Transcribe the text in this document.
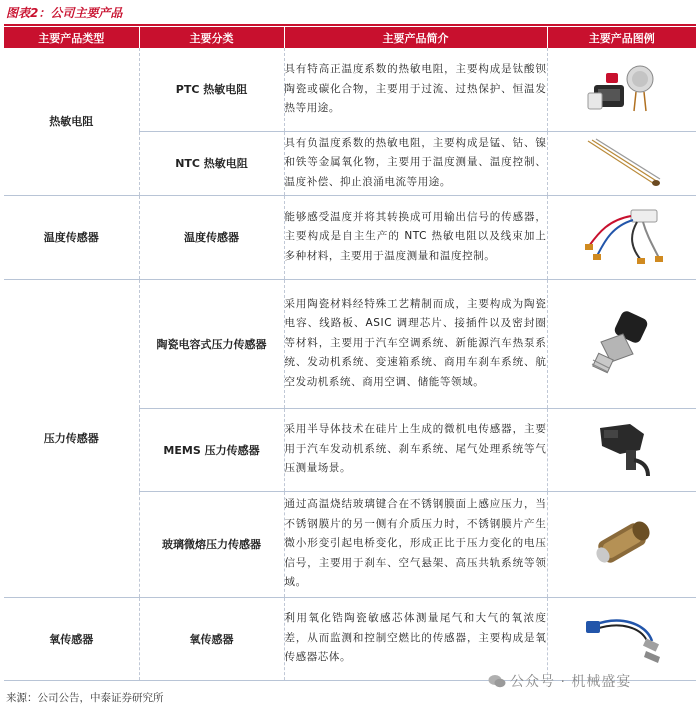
图表2：公司主要产品
主要产品类型	主要分类	主要产品简介	主要产品图例
热敏电阻	PTC 热敏电阻	具有特高正温度系数的热敏电阻，主要构成是钛酸钡陶瓷或碳化合物，主要用于过流、过热保护、恒温发热等用途。	
	NTC 热敏电阻	具有负温度系数的热敏电阻，主要构成是锰、钴、镍和铁等金属氧化物，主要用于温度测量、温度控制、温度补偿、抑止浪涌电流等用途。	
温度传感器	温度传感器	能够感受温度并将其转换成可用输出信号的传感器，主要构成是自主生产的 NTC 热敏电阻以及线束加上多种材料，主要用于温度测量和温度控制。	
压力传感器	陶瓷电容式压力传感器	采用陶瓷材料经特殊工艺精制而成，主要构成为陶瓷电容、线路板、ASIC 调理芯片、接插件以及密封圈等材料，主要用于汽车空调系统、新能源汽车热泵系统、发动机系统、变速箱系统、商用车刹车系统、航空发动机系统、商用空调、储能等领域。	
	MEMS 压力传感器	采用半导体技术在硅片上生成的微机电传感器，主要用于汽车发动机系统、刹车系统、尾气处理系统等气压测量场景。	
	玻璃微熔压力传感器	通过高温烧结玻璃键合在不锈钢膜面上感应压力，当不锈钢膜片的另一侧有介质压力时，不锈钢膜片产生微小形变引起电桥变化，形成正比于压力变化的电压信号，主要用于刹车、空气悬架、高压共轨系统等领域。	
氧传感器	氧传感器	利用氧化锆陶瓷敏感芯体测量尾气和大气的氧浓度差，从而监测和控制空燃比的传感器，主要构成是氧传感器芯体。	
公众号 · 机械盛宴
来源：公司公告，中泰证券研究所
